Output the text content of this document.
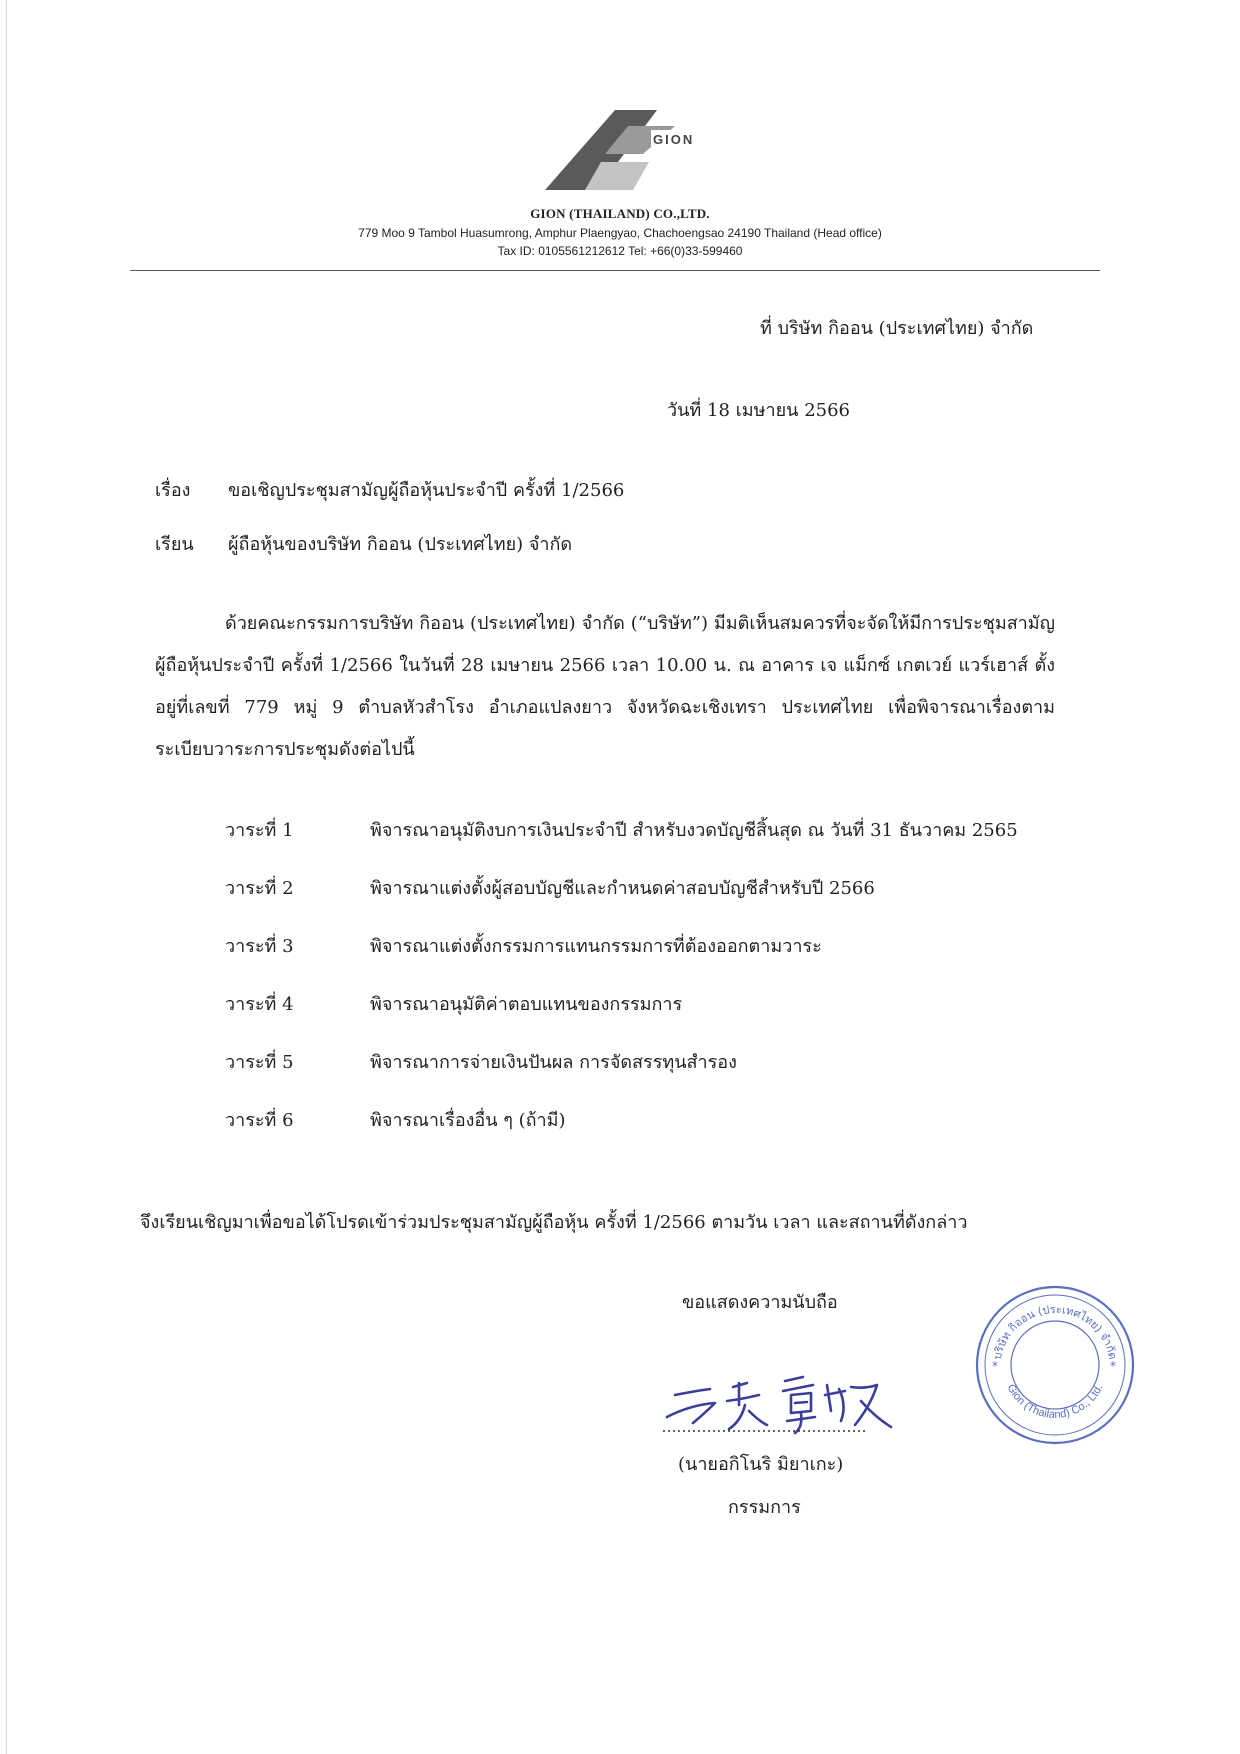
GION
GION (THAILAND) CO.,LTD.
779 Moo 9 Tambol Huasumrong, Amphur Plaengyao, Chachoengsao 24190 Thailand (Head office)
Tax ID: 0105561212612 Tel: +66(0)33-599460
ที่ บริษัท กิออน (ประเทศไทย) จำกัด
วันที่ 18 เมษายน 2566
เรื่อง ขอเชิญประชุมสามัญผู้ถือหุ้นประจำปี ครั้งที่ 1/2566
เรียน ผู้ถือหุ้นของบริษัท กิออน (ประเทศไทย) จำกัด
ด้วยคณะกรรมการบริษัท กิออน (ประเทศไทย) จำกัด (“บริษัท”) มีมติเห็นสมควรที่จะจัดให้มีการประชุมสามัญผู้ถือหุ้นประจำปี ครั้งที่ 1/2566 ในวันที่ 28 เมษายน 2566 เวลา 10.00 น. ณ อาคาร เจ แม็กซ์ เกตเวย์ แวร์เฮาส์ ตั้งอยู่ที่เลขที่ 779 หมู่ 9 ตำบลหัวสำโรง อำเภอแปลงยาว จังหวัดฉะเชิงเทรา ประเทศไทย เพื่อพิจารณาเรื่องตามระเบียบวาระการประชุมดังต่อไปนี้
วาระที่ 1	พิจารณาอนุมัติงบการเงินประจำปี สำหรับงวดบัญชีสิ้นสุด ณ วันที่ 31 ธันวาคม 2565
วาระที่ 2	พิจารณาแต่งตั้งผู้สอบบัญชีและกำหนดค่าสอบบัญชีสำหรับปี 2566
วาระที่ 3	พิจารณาแต่งตั้งกรรมการแทนกรรมการที่ต้องออกตามวาระ
วาระที่ 4	พิจารณาอนุมัติค่าตอบแทนของกรรมการ
วาระที่ 5	พิจารณาการจ่ายเงินปันผล การจัดสรรทุนสำรอง
วาระที่ 6	พิจารณาเรื่องอื่น ๆ (ถ้ามี)
จึงเรียนเชิญมาเพื่อขอได้โปรดเข้าร่วมประชุมสามัญผู้ถือหุ้น ครั้งที่ 1/2566 ตามวัน เวลา และสถานที่ดังกล่าว
ขอแสดงความนับถือ
(นายอกิโนริ มิยาเกะ)
กรรมการ
บริษัท กิออน (ประเทศไทย) จำกัด
Gion (Thailand) Co., Ltd.
*	*
